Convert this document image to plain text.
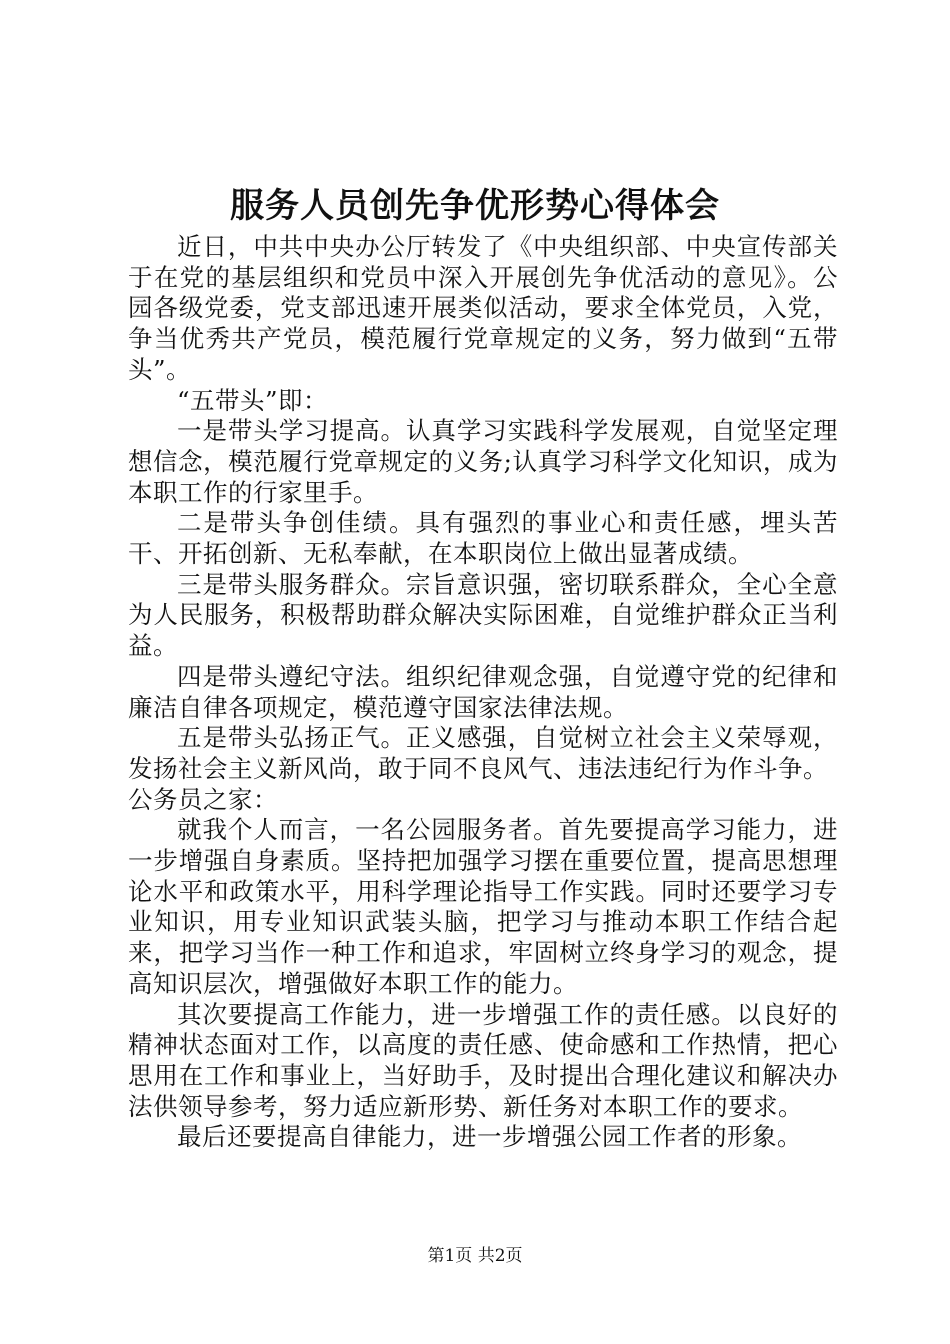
服务人员创先争优形势心得体会

近日，中共中央办公厅转发了《中央组织部、中央宣传部关于在党的基层组织和党员中深入开展创先争优活动的意见》。公园各级党委，党支部迅速开展类似活动，要求全体党员，入党，争当优秀共产党员，模范履行党章规定的义务，努力做到“五带头”。

“五带头”即：

一是带头学习提高。认真学习实践科学发展观，自觉坚定理想信念，模范履行党章规定的义务;认真学习科学文化知识，成为本职工作的行家里手。

二是带头争创佳绩。具有强烈的事业心和责任感，埋头苦干、开拓创新、无私奉献，在本职岗位上做出显著成绩。

三是带头服务群众。宗旨意识强，密切联系群众，全心全意为人民服务，积极帮助群众解决实际困难，自觉维护群众正当利益。

四是带头遵纪守法。组织纪律观念强，自觉遵守党的纪律和廉洁自律各项规定，模范遵守国家法律法规。

五是带头弘扬正气。正义感强，自觉树立社会主义荣辱观，发扬社会主义新风尚，敢于同不良风气、违法违纪行为作斗争。

公务员之家：

就我个人而言，一名公园服务者。首先要提高学习能力，进一步增强自身素质。坚持把加强学习摆在重要位置，提高思想理论水平和政策水平，用科学理论指导工作实践。同时还要学习专业知识，用专业知识武装头脑，把学习与推动本职工作结合起来，把学习当作一种工作和追求，牢固树立终身学习的观念，提高知识层次，增强做好本职工作的能力。

其次要提高工作能力，进一步增强工作的责任感。以良好的精神状态面对工作，以高度的责任感、使命感和工作热情，把心思用在工作和事业上，当好助手，及时提出合理化建议和解决办法供领导参考，努力适应新形势、新任务对本职工作的要求。

最后还要提高自律能力，进一步增强公园工作者的形象。

第1页 共2页
